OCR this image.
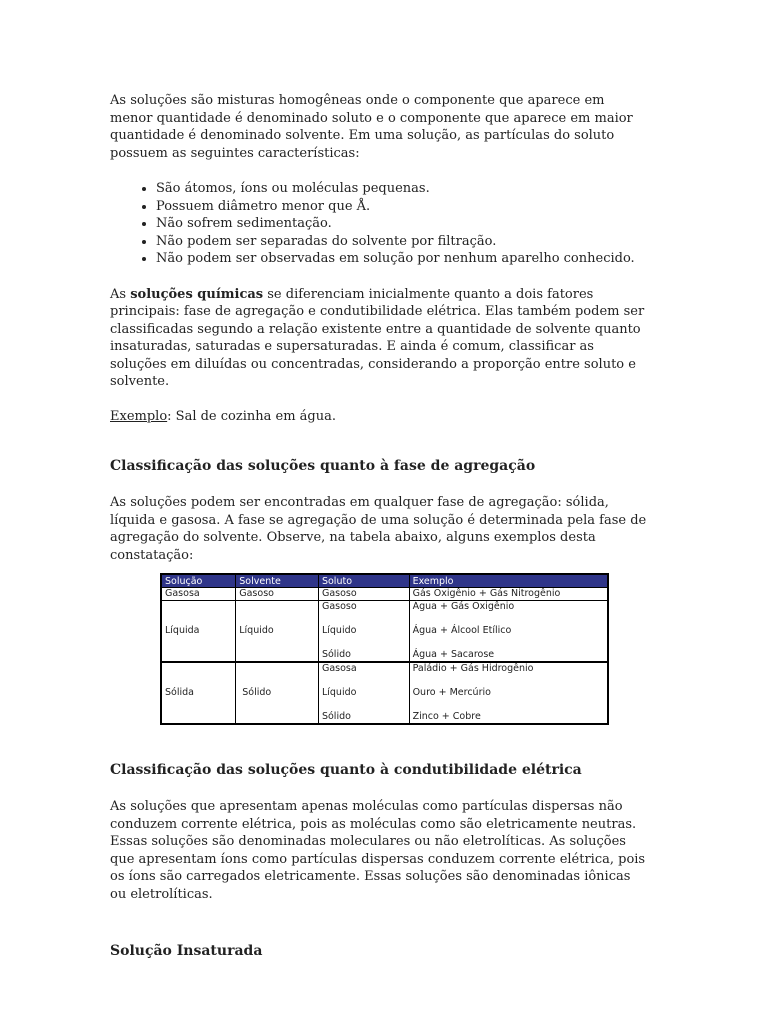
As soluções são misturas homogêneas onde o componente que aparece em menor quantidade é denominado soluto e o componente que aparece em maior quantidade é denominado solvente. Em uma solução, as partículas do soluto possuem as seguintes características:

• São átomos, íons ou moléculas pequenas.
• Possuem diâmetro menor que Å.
• Não sofrem sedimentação.
• Não podem ser separadas do solvente por filtração.
• Não podem ser observadas em solução por nenhum aparelho conhecido.

As soluções químicas se diferenciam inicialmente quanto a dois fatores principais: fase de agregação e condutibilidade elétrica. Elas também podem ser classificadas segundo a relação existente entre a quantidade de solvente quanto insaturadas, saturadas e supersaturadas. E ainda é comum, classificar as soluções em diluídas ou concentradas, considerando a proporção entre soluto e solvente.

Exemplo: Sal de cozinha em água.

Classificação das soluções quanto à fase de agregação

As soluções podem ser encontradas em qualquer fase de agregação: sólida, líquida e gasosa. A fase se agregação de uma solução é determinada pela fase de agregação do solvente. Observe, na tabela abaixo, alguns exemplos desta constatação:

Solução	Solvente	Soluto	Exemplo
Gasosa	Gasoso	Gasoso	Gás Oxigênio + Gás Nitrogênio
Líquida	Líquido	Gasoso	Água + Gás Oxigênio

		Líquido	Água + Álcool Etílico

		Sólido	Água + Sacarose
Sólida	Sólido	Gasosa	Paládio + Gás Hidrogênio

		Líquido	Ouro + Mercúrio

		Sólido	Zinco + Cobre
Classificação das soluções quanto à condutibilidade elétrica

As soluções que apresentam apenas moléculas como partículas dispersas não conduzem corrente elétrica, pois as moléculas como são eletricamente neutras. Essas soluções são denominadas moleculares ou não eletrolíticas. As soluções que apresentam íons como partículas dispersas conduzem corrente elétrica, pois os íons são carregados eletricamente. Essas soluções são denominadas iônicas ou eletrolíticas.

Solução Insaturada
